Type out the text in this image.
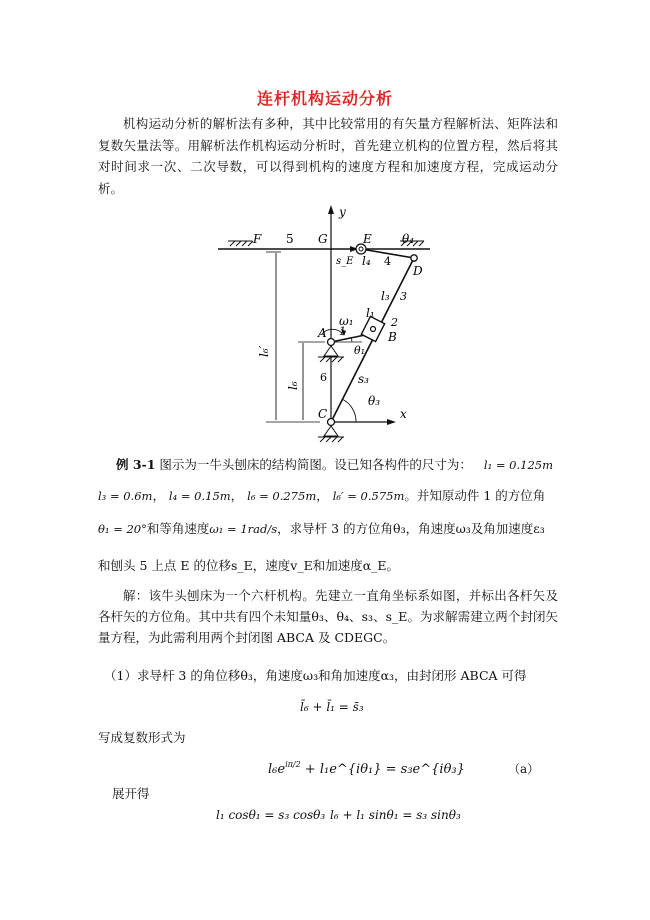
连杆机构运动分析
机构运动分析的解析法有多种，其中比较常用的有矢量方程解析法、矩阵法和复数矢量法等。用解析法作机构运动分析时，首先建立机构的位置方程，然后将其对时间求一次、二次导数，可以得到机构的速度方程和加速度方程，完成运动分析。
y
x
F 5 G	E	θ₄
D
s_E l₄ 4
l₃ 3
l₁
ω₁
A 1
2
B
θ₁
l₆′
l₆
6	s₃
θ₃
C
例 3-1 图示为一牛头刨床的结构简图。设已知各构件的尺寸为： l₁ = 0.125m
l₃ = 0.6m， l₄ = 0.15m， l₆ = 0.275m， l₆′ = 0.575m。并知原动件 1 的方位角
θ₁ = 20°和等角速度ω₁ = 1rad/s，求导杆 3 的方位角θ₃，角速度ω₃及角加速度ε₃
和刨头 5 上点 E 的位移s_E，速度v_E和加速度α_E。
解：该牛头刨床为一个六杆机构。先建立一直角坐标系如图，并标出各杆矢及各杆矢的方位角。其中共有四个未知量θ₃、θ₄、s₃、s_E。为求解需建立两个封闭矢量方程，为此需利用两个封闭图 ABCA 及 CDEGC。
（1）求导杆 3 的角位移θ₃，角速度ω₃和角加速度α₃，由封闭形 ABCA 可得
l̄₆ + l̄₁ = s̄₃
写成复数形式为
$l_6e^{i\pi/2}$ + l₁e^{iθ₁} = s₃e^{iθ₃}	（a）
展开得
l₁ cosθ₁ = s₃ cosθ₃ l₆ + l₁ sinθ₁ = s₃ sinθ₃
